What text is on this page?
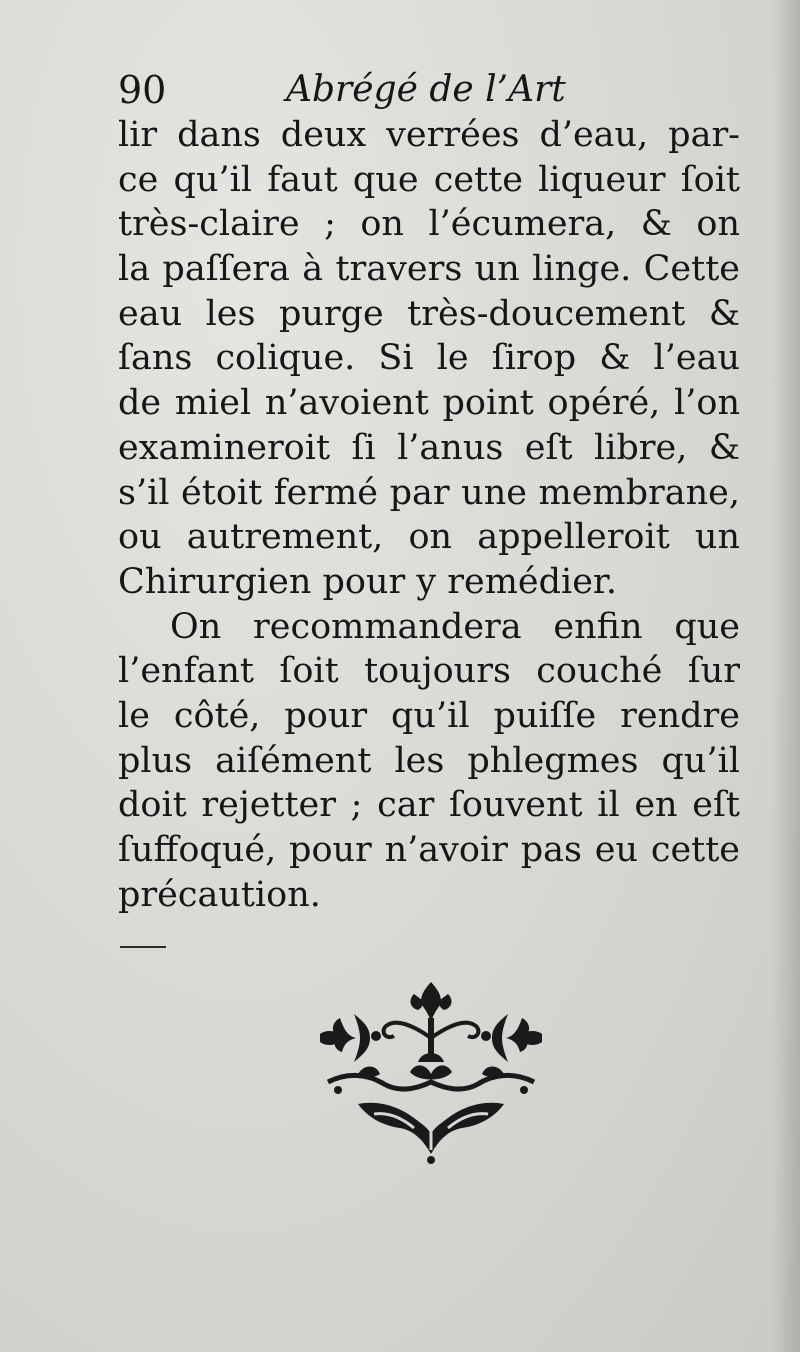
90	Abrégé de l’Art
lir dans deux verrées d’eau, par-
ce qu’il faut que cette liqueur ſoit
très-claire ; on l’écumera, & on
la paſſera à travers un linge. Cette
eau les purge très-doucement &
ſans colique. Si le ſirop & l’eau
de miel n’avoient point opéré, l’on
examineroit ſi l’anus eſt libre, &
s’il étoit fermé par une membrane,
ou autrement, on appelleroit un
Chirurgien pour y remédier.
On recommandera enfin que
l’enfant ſoit toujours couché ſur
le côté, pour qu’il puiſſe rendre
plus aiſément les phlegmes qu’il
doit rejetter ; car ſouvent il en eſt
ſuffoqué, pour n’avoir pas eu cette
précaution.
